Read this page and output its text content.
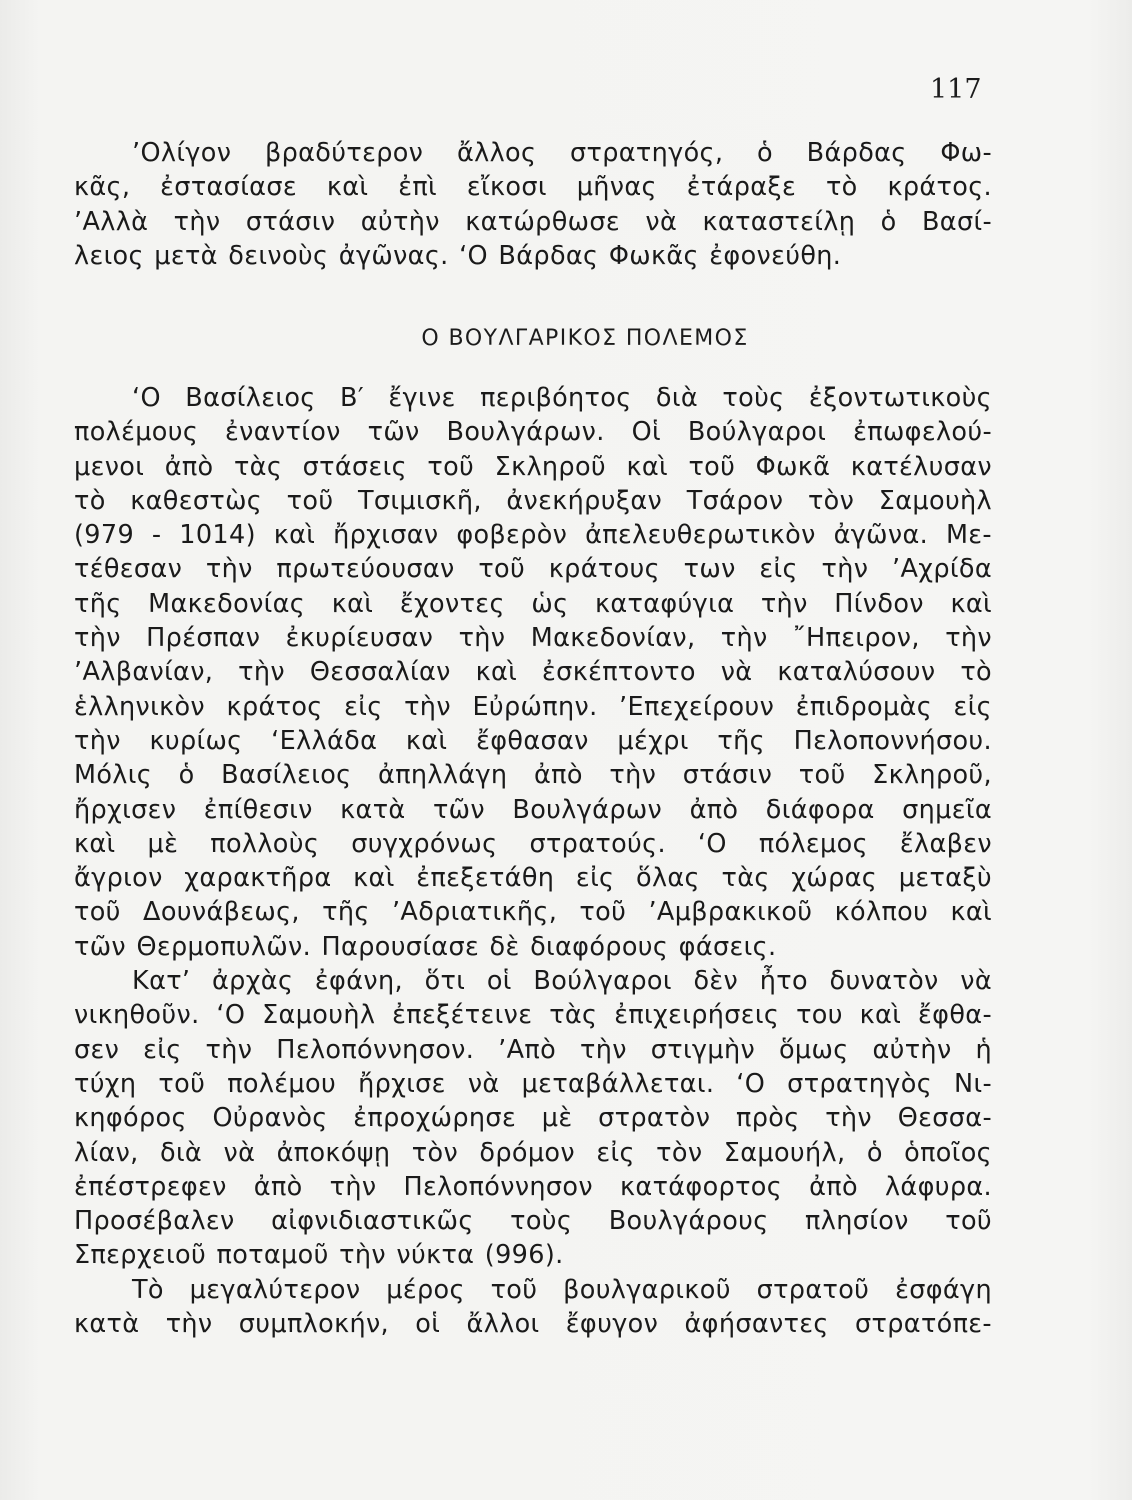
117
’Ολίγον βραδύτερον ἄλλος στρατηγός, ὁ Βάρδας Φω-
κᾶς, ἐστασίασε καὶ ἐπὶ εἴκοσι μῆνας ἐτάραξε τὸ κράτος.
’Αλλὰ τὴν στάσιν αὐτὴν κατώρθωσε νὰ καταστείλῃ ὁ Βασί-
λειος μετὰ δεινοὺς ἀγῶνας. ‘Ο Βάρδας Φωκᾶς ἐφονεύθη.
Ο ΒΟΥΛΓΑΡΙΚΟΣ ΠΟΛΕΜΟΣ
‘Ο Βασίλειος Β′ ἔγινε περιβόητος διὰ τοὺς ἐξοντωτικοὺς
πολέμους ἐναντίον τῶν Βουλγάρων. Οἱ Βούλγαροι ἐπωφελού-
μενοι ἀπὸ τὰς στάσεις τοῦ Σκληροῦ καὶ τοῦ Φωκᾶ κατέλυσαν
τὸ καθεστὼς τοῦ Τσιμισκῆ, ἀνεκήρυξαν Τσάρον τὸν Σαμουὴλ
(979 - 1014) καὶ ἤρχισαν φοβερὸν ἀπελευθερωτικὸν ἀγῶνα. Με-
τέθεσαν τὴν πρωτεύουσαν τοῦ κράτους των εἰς τὴν ’Αχρίδα
τῆς Μακεδονίας καὶ ἔχοντες ὡς καταφύγια τὴν Πίνδον καὶ
τὴν Πρέσπαν ἐκυρίευσαν τὴν Μακεδονίαν, τὴν ῎Ηπειρον, τὴν
’Αλβανίαν, τὴν Θεσσαλίαν καὶ ἐσκέπτοντο νὰ καταλύσουν τὸ
ἑλληνικὸν κράτος εἰς τὴν Εὐρώπην. ’Επεχείρουν ἐπιδρομὰς εἰς
τὴν κυρίως ‘Ελλάδα καὶ ἔφθασαν μέχρι τῆς Πελοποννήσου.
Μόλις ὁ Βασίλειος ἀπηλλάγη ἀπὸ τὴν στάσιν τοῦ Σκληροῦ,
ἤρχισεν ἐπίθεσιν κατὰ τῶν Βουλγάρων ἀπὸ διάφορα σημεῖα
καὶ μὲ πολλοὺς συγχρόνως στρατούς. ‘Ο πόλεμος ἔλαβεν
ἄγριον χαρακτῆρα καὶ ἐπεξετάθη εἰς ὅλας τὰς χώρας μεταξὺ
τοῦ Δουνάβεως, τῆς ’Αδριατικῆς, τοῦ ’Αμβρακικοῦ κόλπου καὶ
τῶν Θερμοπυλῶν. Παρουσίασε δὲ διαφόρους φάσεις.
Κατ’ ἀρχὰς ἐφάνη, ὅτι οἱ Βούλγαροι δὲν ἦτο δυνατὸν νὰ
νικηθοῦν. ‘Ο Σαμουὴλ ἐπεξέτεινε τὰς ἐπιχειρήσεις του καὶ ἔφθα-
σεν εἰς τὴν Πελοπόννησον. ’Απὸ τὴν στιγμὴν ὅμως αὐτὴν ἡ
τύχη τοῦ πολέμου ἤρχισε νὰ μεταβάλλεται. ‘Ο στρατηγὸς Νι-
κηφόρος Οὐρανὸς ἐπροχώρησε μὲ στρατὸν πρὸς τὴν Θεσσα-
λίαν, διὰ νὰ ἀποκόψῃ τὸν δρόμον εἰς τὸν Σαμουήλ, ὁ ὁποῖος
ἐπέστρεφεν ἀπὸ τὴν Πελοπόννησον κατάφορτος ἀπὸ λάφυρα.
Προσέβαλεν αἰφνιδιαστικῶς τοὺς Βουλγάρους πλησίον τοῦ
Σπερχειοῦ ποταμοῦ τὴν νύκτα (996).
Τὸ μεγαλύτερον μέρος τοῦ βουλγαρικοῦ στρατοῦ ἐσφάγη
κατὰ τὴν συμπλοκήν, οἱ ἄλλοι ἔφυγον ἀφήσαντες στρατόπε-
